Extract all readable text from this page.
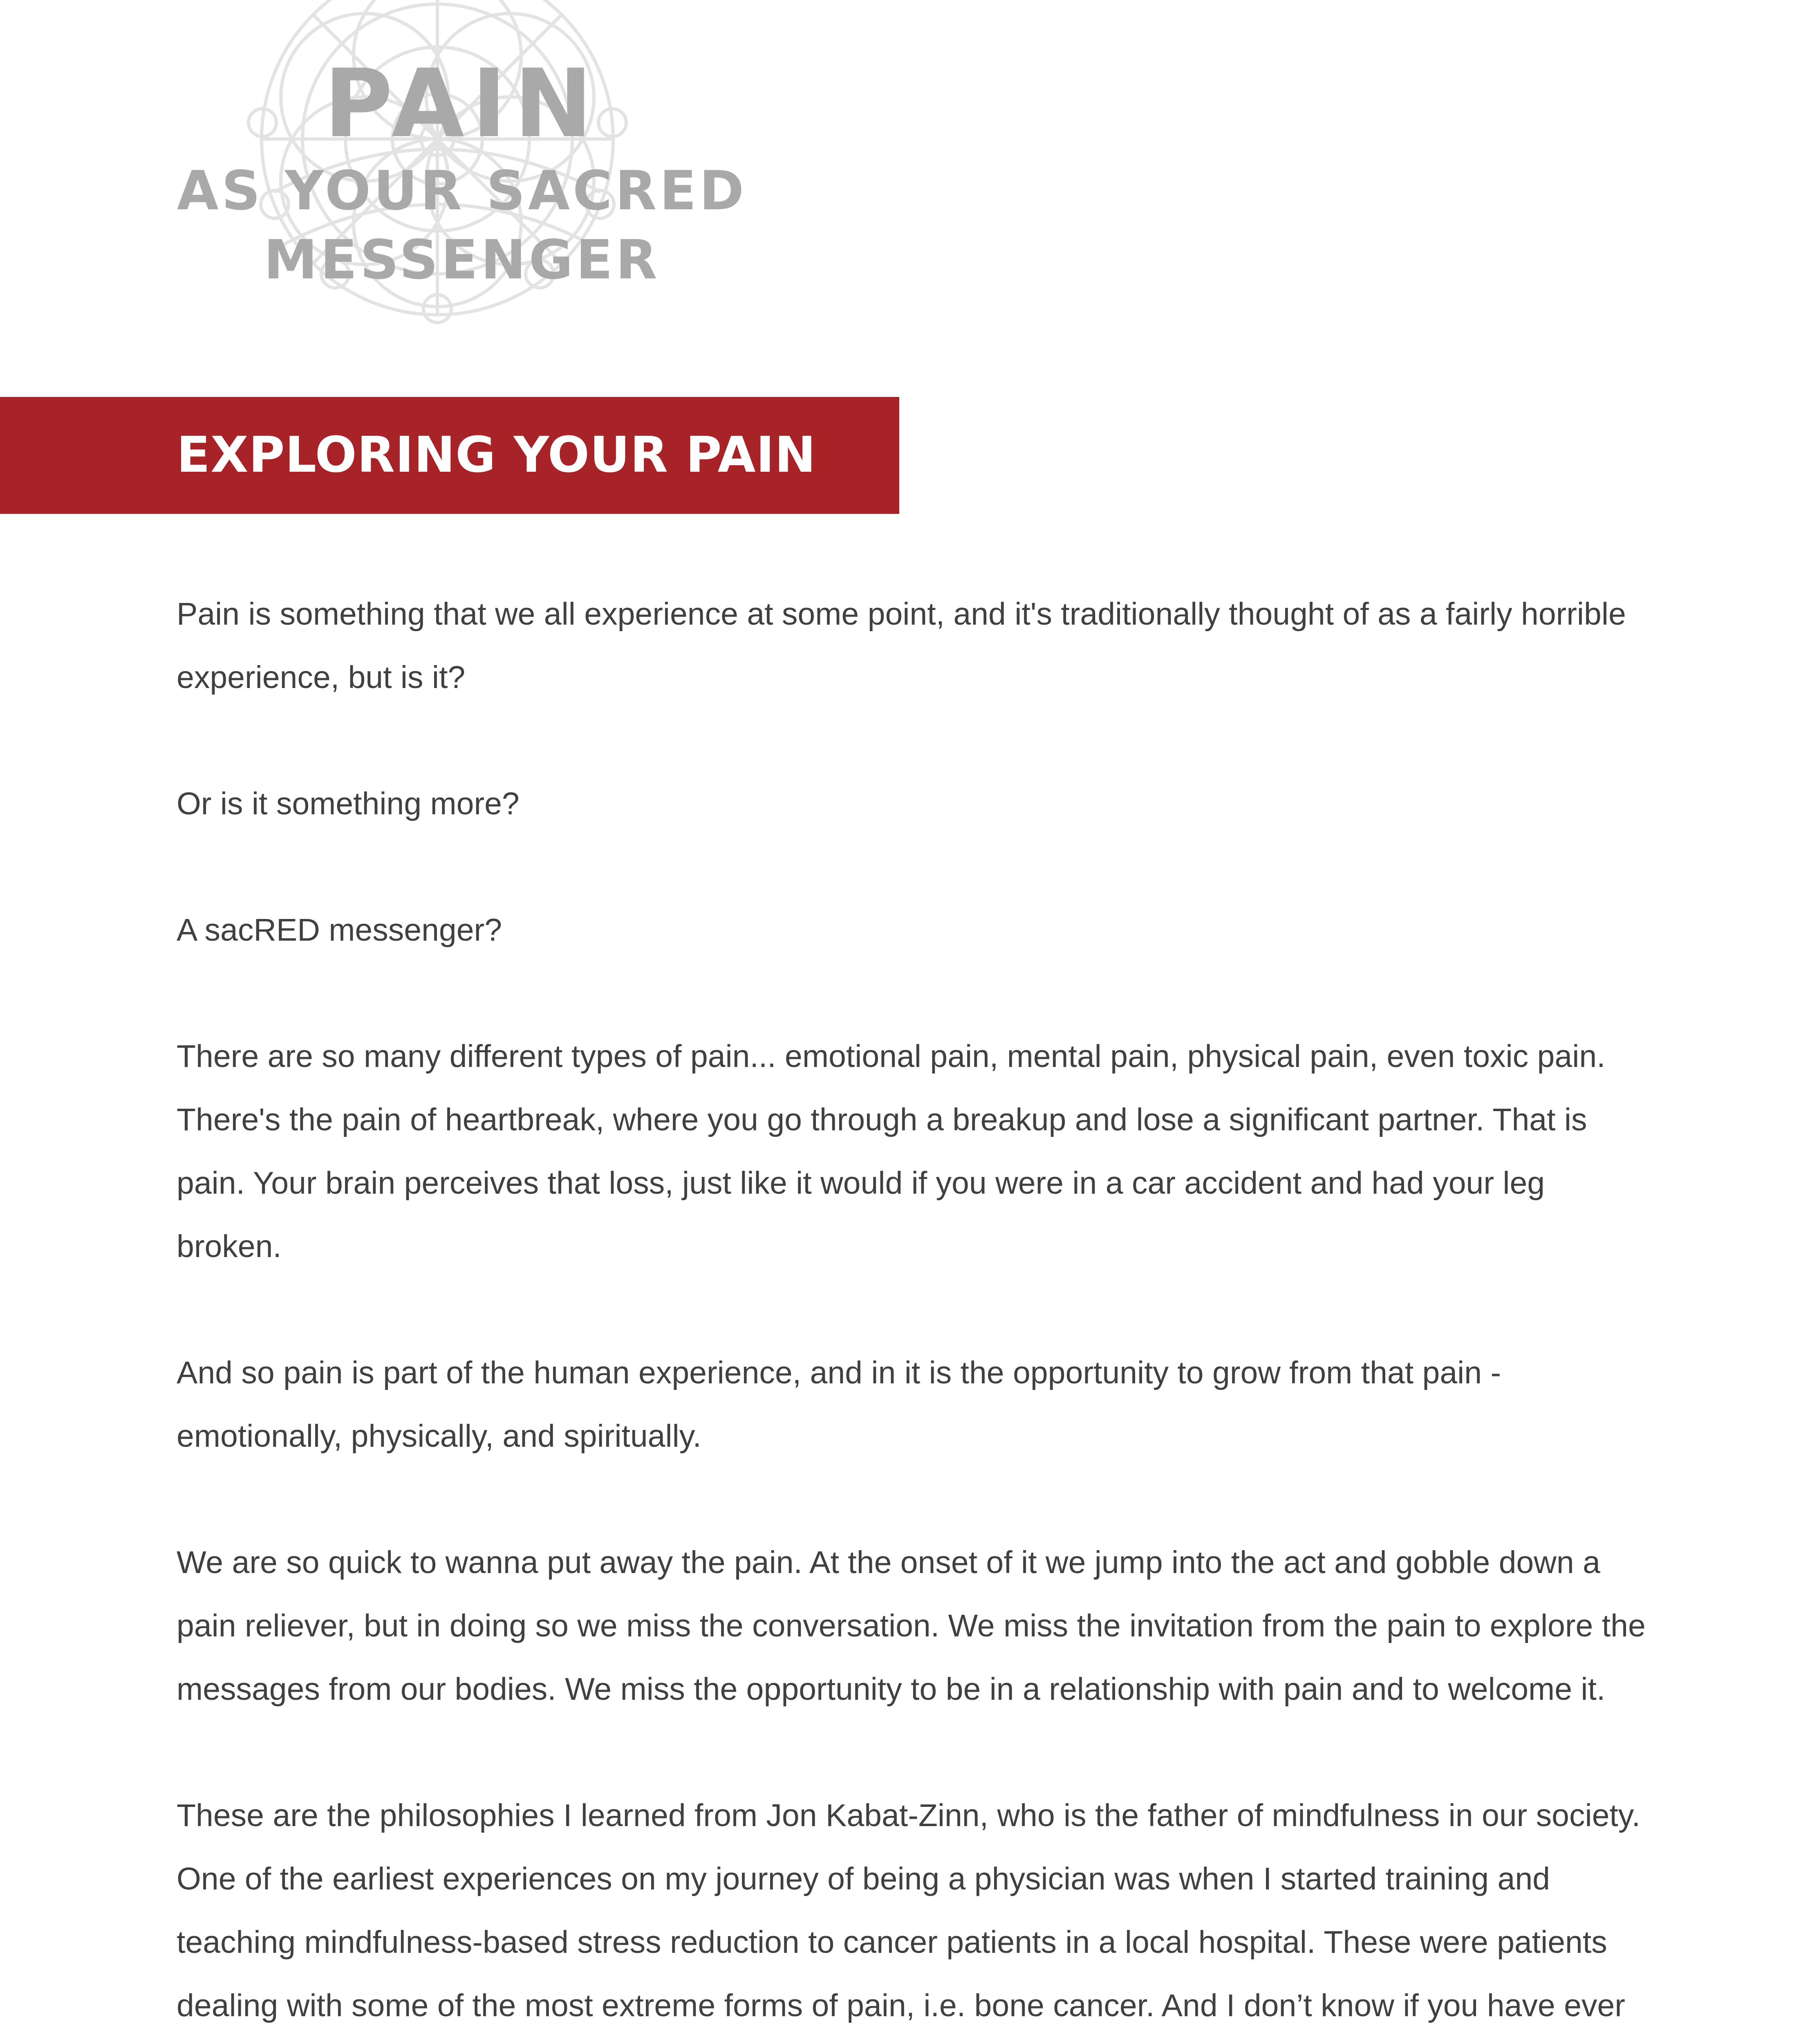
PAIN
AS YOUR SACRED
MESSENGER
EXPLORING YOUR PAIN

Pain is something that we all experience at some point, and it's traditionally thought of as a fairly horrible experience, but is it?

Or is it something more?

A sacRED messenger?

There are so many different types of pain... emotional pain, mental pain, physical pain, even toxic pain. There's the pain of heartbreak, where you go through a breakup and lose a significant partner. That is pain. Your brain perceives that loss, just like it would if you were in a car accident and had your leg broken.

And so pain is part of the human experience, and in it is the opportunity to grow from that pain - emotionally, physically, and spiritually.

We are so quick to wanna put away the pain. At the onset of it we jump into the act and gobble down a pain reliever, but in doing so we miss the conversation. We miss the invitation from the pain to explore the messages from our bodies. We miss the opportunity to be in a relationship with pain and to welcome it.

These are the philosophies I learned from Jon Kabat-Zinn, who is the father of mindfulness in our society. One of the earliest experiences on my journey of being a physician was when I started training and teaching mindfulness-based stress reduction to cancer patients in a local hospital. These were patients dealing with some of the most extreme forms of pain, i.e. bone cancer. And I don’t know if you have ever
